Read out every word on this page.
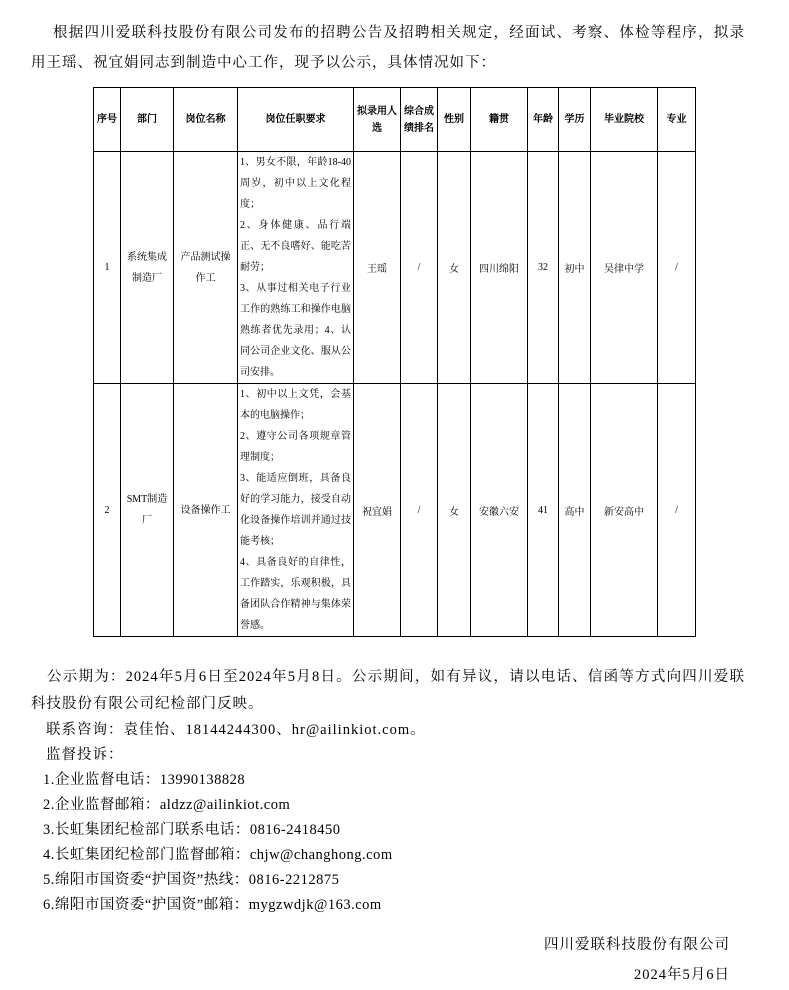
根据四川爱联科技股份有限公司发布的招聘公告及招聘相关规定，经面试、考察、体检等程序，拟录用王瑶、祝宜娟同志到制造中心工作，现予以公示，具体情况如下：

序号	部门	岗位名称	岗位任职要求	拟录用人选	综合成绩排名	性别	籍贯	年龄	学历	毕业院校	专业
1	系统集成制造厂	产品测试操作工	1、男女不限，年龄18-40周岁，初中以上文化程度；
2、身体健康、品行端正、无不良嗜好、能吃苦耐劳；
3、从事过相关电子行业工作的熟练工和操作电脑熟练者优先录用；4、认同公司企业文化、服从公司安排。	王瑶	/	女	四川绵阳	32	初中	吴律中学	/
2	SMT制造厂	设备操作工	1、初中以上文凭，会基本的电脑操作；
2、遵守公司各项规章管理制度；
3、能适应倒班，具备良好的学习能力，接受自动化设备操作培训并通过技能考核；
4、具备良好的自律性，工作踏实，乐观积极，具备团队合作精神与集体荣誉感。	祝宜娟	/	女	安徽六安	41	高中	新安高中	/

公示期为：2024年5月6日至2024年5月8日。公示期间，如有异议，请以电话、信函等方式向四川爱联科技股份有限公司纪检部门反映。

联系咨询：袁佳怡、18144244300、hr@ailinkiot.com。

监督投诉：

1.企业监督电话：13990138828

2.企业监督邮箱：aldzz@ailinkiot.com

3.长虹集团纪检部门联系电话：0816-2418450

4.长虹集团纪检部门监督邮箱：chjw@changhong.com

5.绵阳市国资委“护国资”热线：0816-2212875

6.绵阳市国资委“护国资”邮箱：mygzwdjk@163.com

四川爱联科技股份有限公司

2024年5月6日
